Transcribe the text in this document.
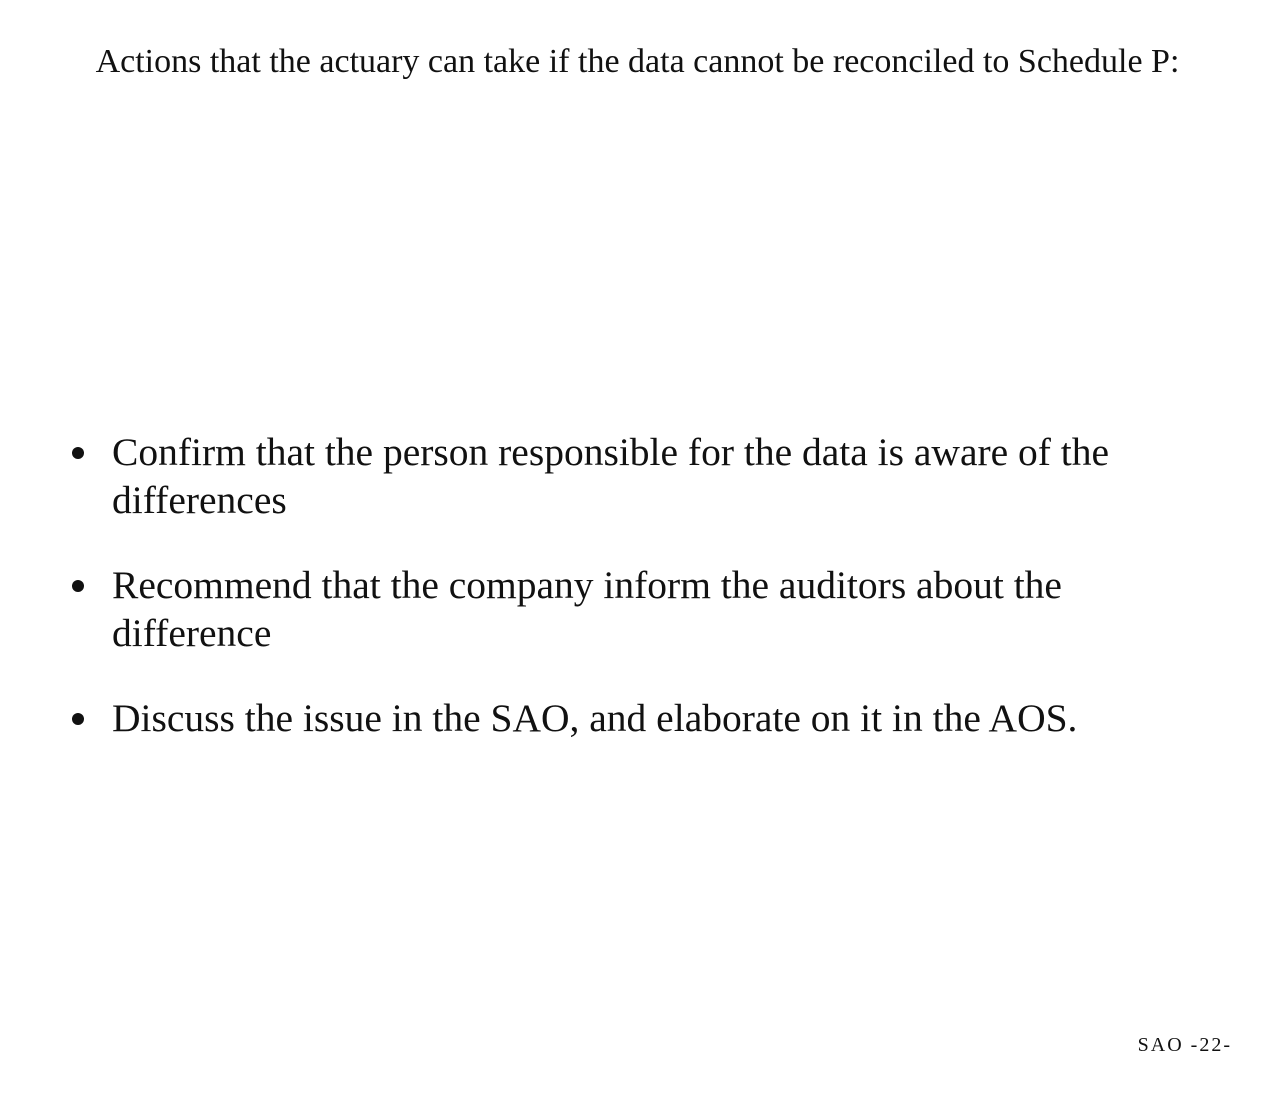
Actions that the actuary can take if the data cannot be reconciled to Schedule P:
Confirm that the person responsible for the data is aware of the differences
Recommend that the company inform the auditors about the difference
Discuss the issue in the SAO, and elaborate on it in the AOS.
SAO -22-
